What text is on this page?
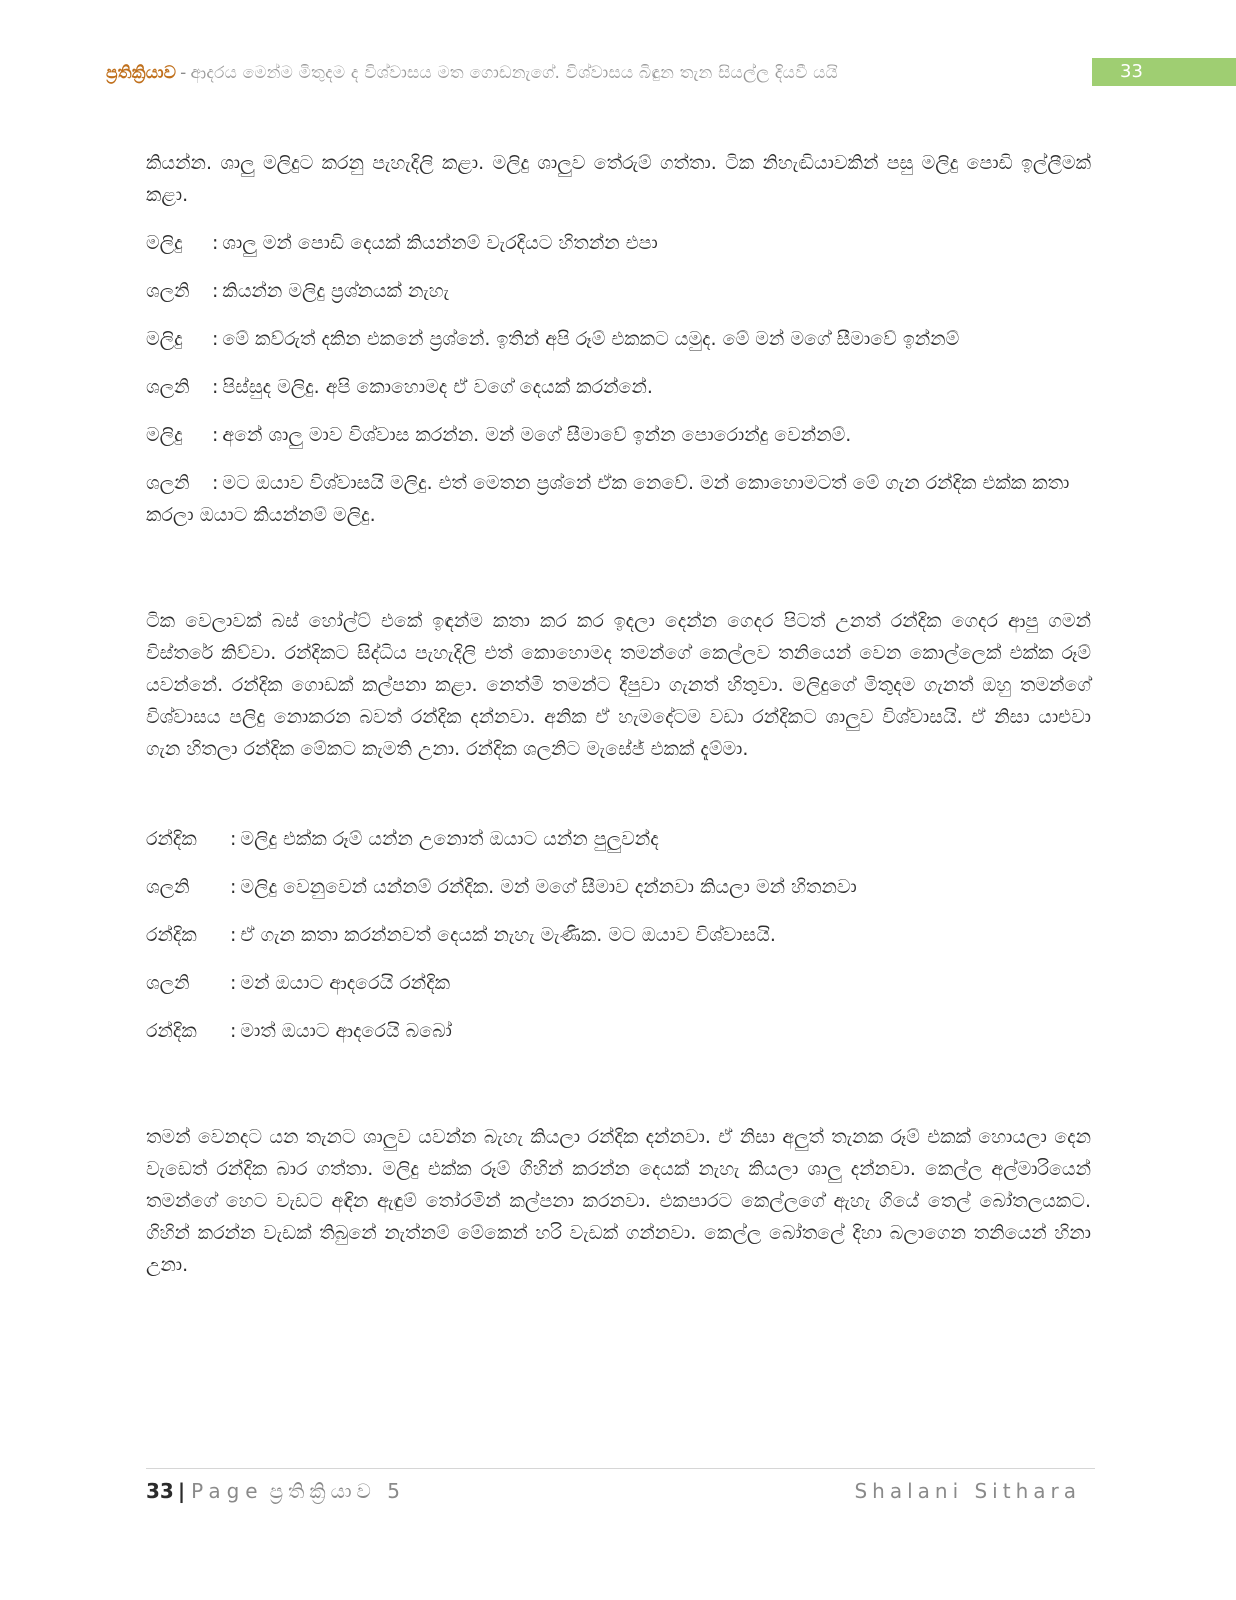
ප්‍රතික්‍රියාව - ආදරය මෙන්ම මිතුදම ද විශ්වාසය මත ගොඩනැගේ. විශ්වාසය බිඳුන තැන සියල්ල දියවී යයි	33

කියන්න. ශාලු මලිදුට කරනු පැහැදිලි කළා. මලිදු ශාලුව තේරුම් ගත්තා. ටික නිහැඬියාවකින් පසු මලිදු පොඩි ඉල්ලීමක් කළා.

මලිදු : ශාලු මන් පොඩි දෙයක් කියන්නම් වැරදියට හිතන්න එපා

ශලනි : කියන්න මලිදු ප්‍රශ්නයක් නැහැ

මලිදු : මේ කව්රුත් දකින එකනේ ප්‍රශ්නේ. ඉතින් අපි රූම් එකකට යමුද. මේ මන් මගේ සීමාවේ ඉන්නම්

ශලනි : පිස්සුද මලිදු. අපි කොහොමද ඒ වගේ දෙයක් කරන්නේ.

මලිදු : අනේ ශාලු මාව විශ්වාස කරන්න. මන් මගේ සීමාවේ ඉන්න පොරොන්දු වෙන්නම්.

ශලනි : මට ඔයාව විශ්වාසයි මලිදු. එත් මෙතන ප්‍රශ්නේ ඒක නෙවේ. මන් කොහොමටත් මේ ගැන රන්දික එක්ක කතා කරලා ඔයාට කියන්නම් මලිදු.

ටික වෙලාවක් බස් හෝල්ට් එකේ ඉඳන්ම කතා කර කර ඉදලා දෙන්න ගෙදර පිටත් උනත් රන්දික ගෙදර ආපු ගමන් විස්තරේ කිව්වා. රන්දිකට සිද්ධිය පැහැදිලි එත් කොහොමද තමන්ගේ කෙල්ලව තනියෙන් වෙන කොල්ලෙක් එක්ක රූම් යවන්නේ. රන්දික ගොඩක් කල්පනා කළා. නෙත්මි තමන්ට දීපුවා ගැනත් හිතුවා. මලිදුගේ මිතුදම ගැනත් ඔහු තමන්ගේ විශ්වාසය පලිදු නොකරන බවත් රන්දික දන්නවා. අනික ඒ හැමදේටම වඩා රන්දිකට ශාලුව විශ්වාසයි. ඒ නිසා යාළුවා ගැන හිතලා රන්දික මේකට කැමති උනා. රන්දික ශලනිට මැසේජ් එකක් දැම්මා.

රන්දික : මලිදු එක්ක රූම් යන්න උනොත් ඔයාට යන්න පුලුවන්ද

ශලනි : මලිදු වෙනුවෙන් යන්නම් රන්දික. මන් මගේ සීමාව දන්නවා කියලා මන් හිතනවා

රන්දික : ඒ ගැන කතා කරන්නවත් දෙයක් නැහැ මැණික. මට ඔයාව විශ්වාසයි.

ශලනි : මන් ඔයාට ආදරෙයි රන්දික

රන්දික : මාත් ඔයාට ආදරෙයි බබෝ

තමන් වෙනදට යන තැනට ශාලුව යවන්න බැහැ කියලා රන්දික දන්නවා. ඒ නිසා අලුත් තැනක රූම් එකක් හොයලා දෙන වැඩෙත් රන්දික බාර ගත්තා. මලිදු එක්ක රූම් ගිහින් කරන්න දෙයක් නැහැ කියලා ශාලු දන්නවා. කෙල්ල අල්මාරියෙන් තමන්ගේ හෙට වැඩට අඳින ඇඳුම් තෝරමින් කල්පනා කරනවා. එකපාරට කෙල්ලගේ ඇහැ ගියේ තෙල් බෝතලයකට. ගිහින් කරන්න වැඩක් තිබුනේ නැත්නම් මේකෙන් හරි වැඩක් ගන්නවා. කෙල්ල බෝතලේ දිහා බලාගෙන තනියෙන් හිනා උනා.

33 | Page ප්‍රතික්‍රියාව 5	Shalani Sithara
